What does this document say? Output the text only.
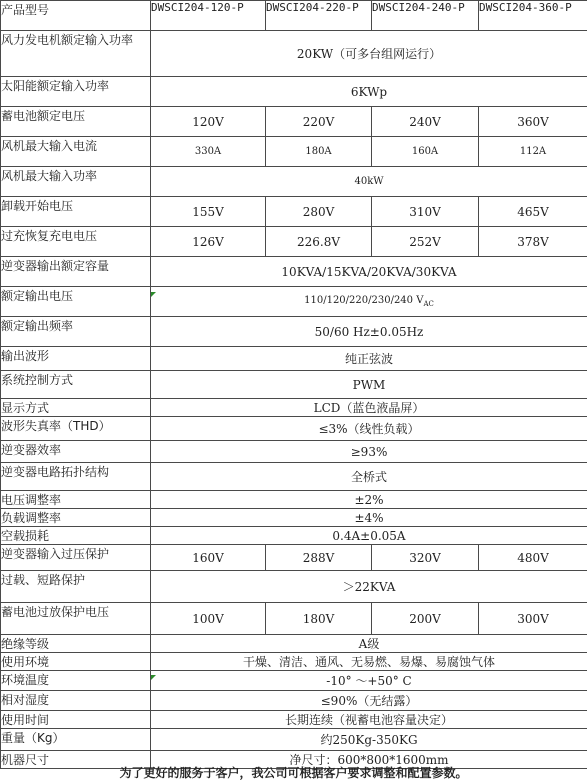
产品型号	DWSCI204-120-P	DWSCI204-220-P	DWSCI204-240-P	DWSCI204-360-P
风力发电机额定输入功率	20KW（可多台组网运行）			
太阳能额定输入功率	6KWp			
蓄电池额定电压	120V	220V	240V	360V
风机最大输入电流	330A	180A	160A	112A
风机最大输入功率	40kW			
卸载开始电压	155V	280V	310V	465V
过充恢复充电电压	126V	226.8V	252V	378V
逆变器输出额定容量	10KVA/15KVA/20KVA/30KVA			
额定输出电压	110/120/220/230/240 $V_{AC}$
额定输出频率	50/60 Hz±0.05Hz			
输出波形	纯正弦波			
系统控制方式	PWM			
显示方式	LCD（蓝色液晶屏）			
波形失真率（THD）	≤3%（线性负载）			
逆变器效率	≥93%			
逆变器电路拓扑结构	全桥式			
电压调整率	±2%			
负载调整率	±4%			
空载损耗	0.4A±0.05A			
逆变器输入过压保护	160V	288V	320V	480V
过载、短路保护	＞22KVA			
蓄电池过放保护电压	100V	180V	200V	300V
绝缘等级	A级			
使用环境	干燥、清洁、通风、无易燃、易爆、易腐蚀气体			
环境温度	-10° ～+50° C			
相对湿度	≤90%（无结露）			
使用时间	长期连续（视蓄电池容量决定）			
重量（Kg）	约250Kg-350KG			
机器尺寸	净尺寸：600*800*1600mm			
为了更好的服务于客户，我公司可根据客户要求调整和配置参数。
